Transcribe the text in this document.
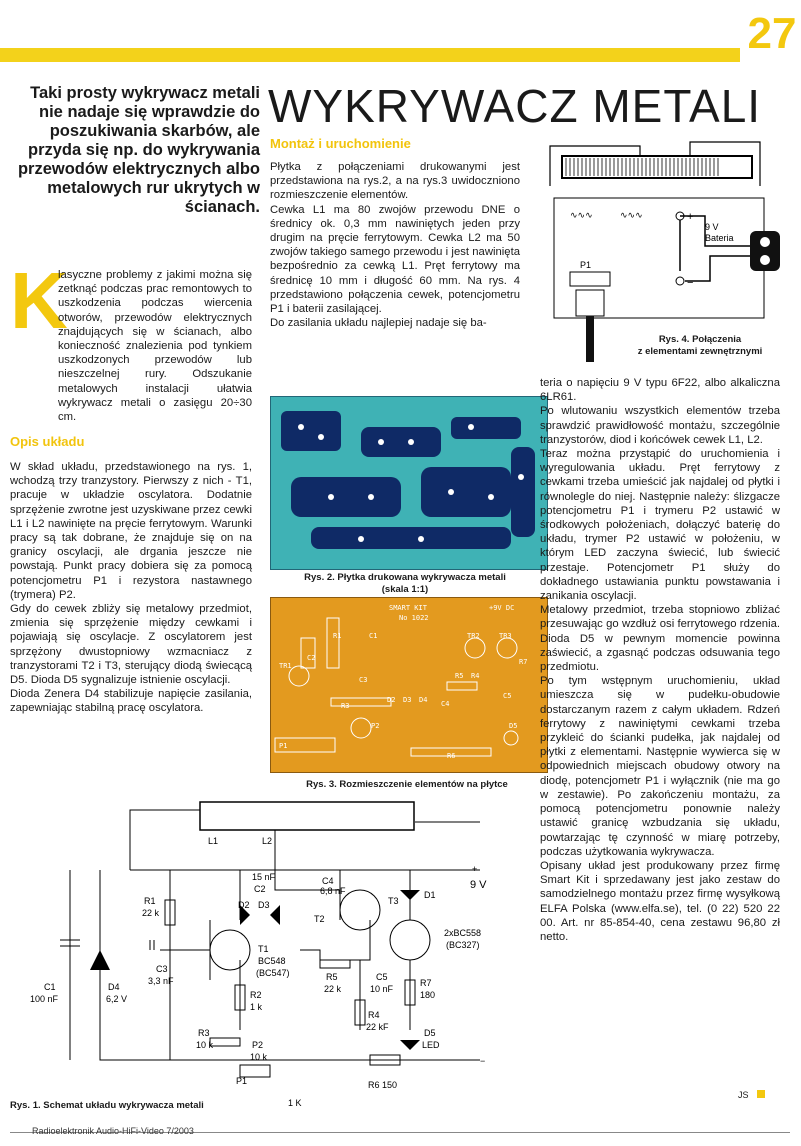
27
Taki prosty wykrywacz metali nie nadaje się wprawdzie do poszukiwania skarbów, ale przyda się np. do wykrywania przewodów elektrycznych albo metalowych rur ukrytych w ścianach.
WYKRYWACZ METALI
K
lasyczne problemy z jakimi można się zetknąć podczas prac remontowych to uszkodzenia podczas wiercenia otworów, przewodów elektrycznych znajdujących się w ścianach, albo konieczność znalezienia pod tynkiem uszkodzonych przewodów lub nieszczelnej rury. Odszukanie metalowych instalacji ułatwia wykrywacz metali o zasięgu 20÷30 cm.
Opis układu
W skład układu, przedstawionego na rys. 1, wchodzą trzy tranzystory. Pierwszy z nich - T1, pracuje w układzie oscylatora. Dodatnie sprzężenie zwrotne jest uzyskiwane przez cewki L1 i L2 nawinięte na pręcie ferrytowym. Warunki pracy są tak dobrane, że znajduje się on na granicy oscylacji, ale drgania jeszcze nie powstają. Punkt pracy dobiera się za pomocą potencjometru P1 i rezystora nastawnego (trymera) P2.
Gdy do cewek zbliży się metalowy przedmiot, zmienia się sprzężenie między cewkami i pojawiają się oscylacje. Z oscylatorem jest sprzężony dwustopniowy wzmacniacz z tranzystorami T2 i T3, sterujący diodą świecącą D5. Dioda D5 sygnalizuje istnienie oscylacji.
Dioda Zenera D4 stabilizuje napięcie zasilania, zapewniając stabilną pracę oscylatora.
Montaż i uruchomienie
Płytka z połączeniami drukowanymi jest przedstawiona na rys.2, a na rys.3 uwidoczniono rozmieszczenie elementów.
Cewka L1 ma 80 zwojów przewodu DNE o średnicy ok. 0,3 mm nawiniętych jeden przy drugim na pręcie ferrytowym. Cewka L2 ma 50 zwojów takiego samego przewodu i jest nawinięta bezpośrednio za cewką L1. Pręt ferrytowy ma średnicę 10 mm i długość 60 mm. Na rys. 4 przedstawiono połączenia cewek, potencjometru P1 i baterii zasilającej.
Do zasilania układu najlepiej nadaje się ba-
∿∿∿	∿∿∿	+
−
9 V
Bateria
P1
Rys. 4. Połączenia
z elementami zewnętrznymi
Rys. 2. Płytka drukowana wykrywacza metali
(skala 1:1)
SMART KIT
No 1022
+9V DC
TR1
TR2	TR3
R1
C2
C1
R3
R4
R5
R7
C3
C4
C5
D2 D3 D4
D5
P1
P2
R6
Rys. 3. Rozmieszczenie elementów na płytce
teria o napięciu 9 V typu 6F22, albo alkaliczna 6LR61.
Po wlutowaniu wszystkich elementów trzeba sprawdzić prawidłowość montażu, szczególnie tranzystorów, diod i końcówek cewek L1, L2.
Teraz można przystąpić do uruchomienia i wyregulowania układu. Pręt ferrytowy z cewkami trzeba umieścić jak najdalej od płytki i równolegle do niej. Następnie należy: ślizgacze potencjometru P1 i trymeru P2 ustawić w środkowych położeniach, dołączyć baterię do układu, trymer P2 ustawić w położeniu, w którym LED zaczyna świecić, lub świecić przestaje. Potencjometr P1 służy do dokładnego ustawiania punktu powstawania i zanikania oscylacji.
Metalowy przedmiot, trzeba stopniowo zbliżać przesuwając go wzdłuż osi ferrytowego rdzenia. Dioda D5 w pewnym momencie powinna zaświecić, a zgasnąć podczas odsuwania tego przedmiotu.
Po tym wstępnym uruchomieniu, układ umieszcza się w pudełku-obudowie dostarczanym razem z całym układem. Rdzeń ferrytowy z nawiniętymi cewkami trzeba przykleić do ścianki pudełka, jak najdalej od płytki z elementami. Następnie wywierca się w odpowiednich miejscach obudowy otwory na diodę, potencjometr P1 i wyłącznik (nie ma go w zestawie). Po zakończeniu montażu, za pomocą potencjometru ponownie należy ustawić granicę wzbudzania się układu, powtarzając tę czynność w miarę potrzeby, podczas użytkowania wykrywacza.
Opisany układ jest produkowany przez firmę Smart Kit i sprzedawany jest jako zestaw do samodzielnego montażu przez firmę wysyłkową ELFA Polska (www.elfa.se), tel. (0 22) 520 22 00. Art. nr 85-854-40, cena zestawu 96,80 zł netto.
JS
L1	L2
R1
22 k
C1
100 nF
D4
6,2 V
C3
3,3 nF
15 nF
C2
D2 D3
C4
6,8 nF
T2
T3
D1
+
9 V
T1
BC548
(BC547)
2xBC558
(BC327)
R2
1 k
R5
22 k
C5
10 nF
R7
180
R3
10 k
R4
22 kF
P2
10 k
D5
LED
P1
1 K
R6 150
−
Rys. 1. Schemat układu wykrywacza metali
Radioelektronik Audio-HiFi-Video 7/2003
